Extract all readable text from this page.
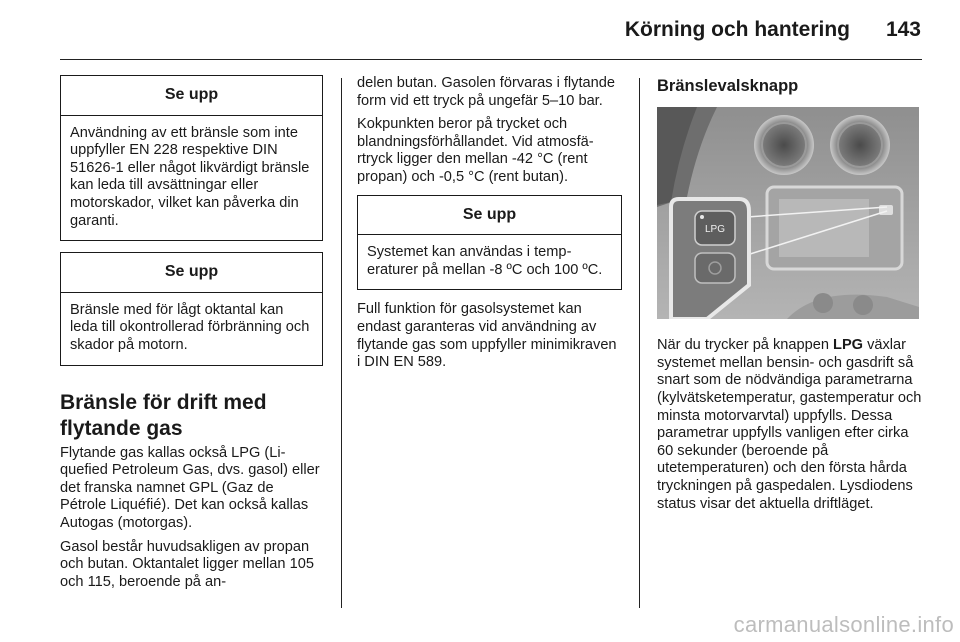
Körning och hantering 143
Se upp
Användning av ett bränsle som inte uppfyller EN 228 respektive DIN 51626-1 eller något likvärdigt bränsle kan leda till avsättningar eller motorskador, vilket kan påverka din garanti.
Se upp
Bränsle med för lågt oktantal kan leda till okontrollerad förbränning och skador på motorn.
Bränsle för drift med flytande gas

Flytande gas kallas också LPG (Liquefied Petroleum Gas, dvs. gasol) eller det franska namnet GPL (Gaz de Pétrole Liquéfié). Det kan också kallas Autogas (motorgas).

Gasol består huvudsakligen av propan och butan. Oktantalet ligger mellan 105 och 115, beroende på an-

delen butan. Gasolen förvaras i flytande form vid ett tryck på ungefär 5–10 bar.

Kokpunkten beror på trycket och blandningsförhållandet. Vid atmosfärtryck ligger den mellan -42 °C (rent propan) och -0,5 °C (rent butan).

Se upp
Systemet kan användas i temperaturer på mellan -8 ºC och 100 ºC.

Full funktion för gasolsystemet kan endast garanteras vid användning av flytande gas som uppfyller minimikraven i DIN EN 589.

Bränslevalsknapp
LPG

När du trycker på knappen LPG växlar systemet mellan bensin- och gasdrift så snart som de nödvändiga parametrarna (kylvätsketemperatur, gastemperatur och minsta motorvarvtal) uppfylls. Dessa parametrar uppfylls vanligen efter cirka 60 sekunder (beroende på utetemperaturen) och den första hårda tryckningen på gaspedalen. Lysdiodens status visar det aktuella driftläget.

carmanualsonline.info
